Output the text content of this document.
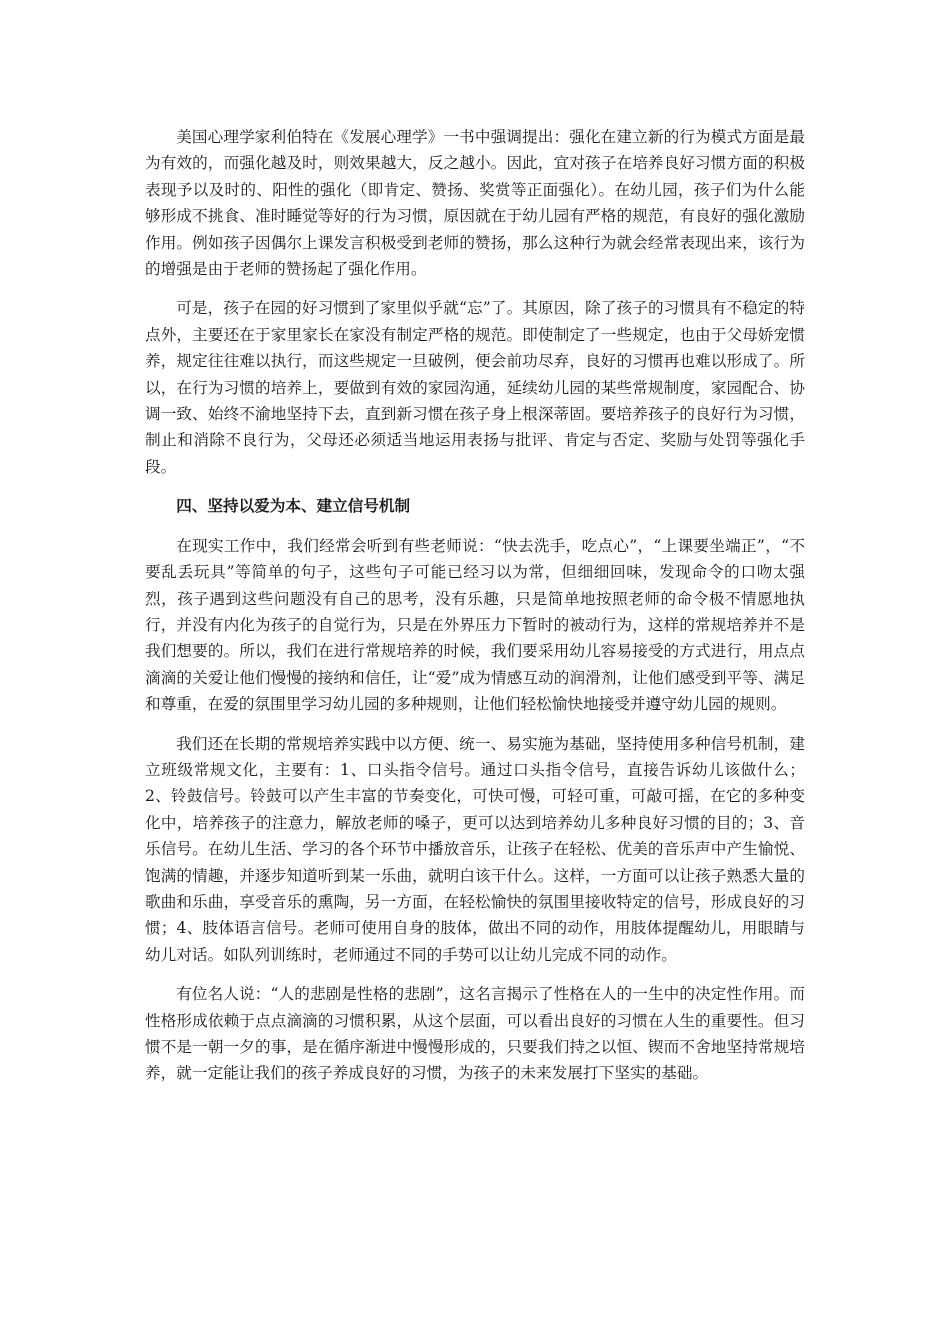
美国心理学家利伯特在《发展心理学》一书中强调提出：强化在建立新的行为模式方面是最为有效的，而强化越及时，则效果越大，反之越小。因此，宜对孩子在培养良好习惯方面的积极表现予以及时的、阳性的强化（即肯定、赞扬、奖赏等正面强化）。在幼儿园，孩子们为什么能够形成不挑食、准时睡觉等好的行为习惯，原因就在于幼儿园有严格的规范，有良好的强化激励作用。例如孩子因偶尔上课发言积极受到老师的赞扬，那么这种行为就会经常表现出来，该行为的增强是由于老师的赞扬起了强化作用。

可是，孩子在园的好习惯到了家里似乎就“忘”了。其原因，除了孩子的习惯具有不稳定的特点外，主要还在于家里家长在家没有制定严格的规范。即使制定了一些规定，也由于父母娇宠惯养，规定往往难以执行，而这些规定一旦破例，便会前功尽弃，良好的习惯再也难以形成了。所以，在行为习惯的培养上，要做到有效的家园沟通，延续幼儿园的某些常规制度，家园配合、协调一致、始终不渝地坚持下去，直到新习惯在孩子身上根深蒂固。要培养孩子的良好行为习惯，制止和消除不良行为，父母还必须适当地运用表扬与批评、肯定与否定、奖励与处罚等强化手段。

四、坚持以爱为本、建立信号机制

在现实工作中，我们经常会听到有些老师说：“快去洗手，吃点心”，“上课要坐端正”，“不要乱丢玩具”等简单的句子，这些句子可能已经习以为常，但细细回味，发现命令的口吻太强烈，孩子遇到这些问题没有自己的思考，没有乐趣，只是简单地按照老师的命令极不情愿地执行，并没有内化为孩子的自觉行为，只是在外界压力下暂时的被动行为，这样的常规培养并不是我们想要的。所以，我们在进行常规培养的时候，我们要采用幼儿容易接受的方式进行，用点点滴滴的关爱让他们慢慢的接纳和信任，让“爱”成为情感互动的润滑剂，让他们感受到平等、满足和尊重，在爱的氛围里学习幼儿园的多种规则，让他们轻松愉快地接受并遵守幼儿园的规则。

我们还在长期的常规培养实践中以方便、统一、易实施为基础，坚持使用多种信号机制，建立班级常规文化，主要有：1、口头指令信号。通过口头指令信号，直接告诉幼儿该做什么；2、铃鼓信号。铃鼓可以产生丰富的节奏变化，可快可慢，可轻可重，可敲可摇，在它的多种变化中，培养孩子的注意力，解放老师的嗓子，更可以达到培养幼儿多种良好习惯的目的；3、音乐信号。在幼儿生活、学习的各个环节中播放音乐，让孩子在轻松、优美的音乐声中产生愉悦、饱满的情趣，并逐步知道听到某一乐曲，就明白该干什么。这样，一方面可以让孩子熟悉大量的歌曲和乐曲，享受音乐的熏陶，另一方面，在轻松愉快的氛围里接收特定的信号，形成良好的习惯；4、肢体语言信号。老师可使用自身的肢体，做出不同的动作，用肢体提醒幼儿，用眼睛与幼儿对话。如队列训练时，老师通过不同的手势可以让幼儿完成不同的动作。

有位名人说：“人的悲剧是性格的悲剧”，这名言揭示了性格在人的一生中的决定性作用。而性格形成依赖于点点滴滴的习惯积累，从这个层面，可以看出良好的习惯在人生的重要性。但习惯不是一朝一夕的事，是在循序渐进中慢慢形成的，只要我们持之以恒、锲而不舍地坚持常规培养，就一定能让我们的孩子养成良好的习惯，为孩子的未来发展打下坚实的基础。
